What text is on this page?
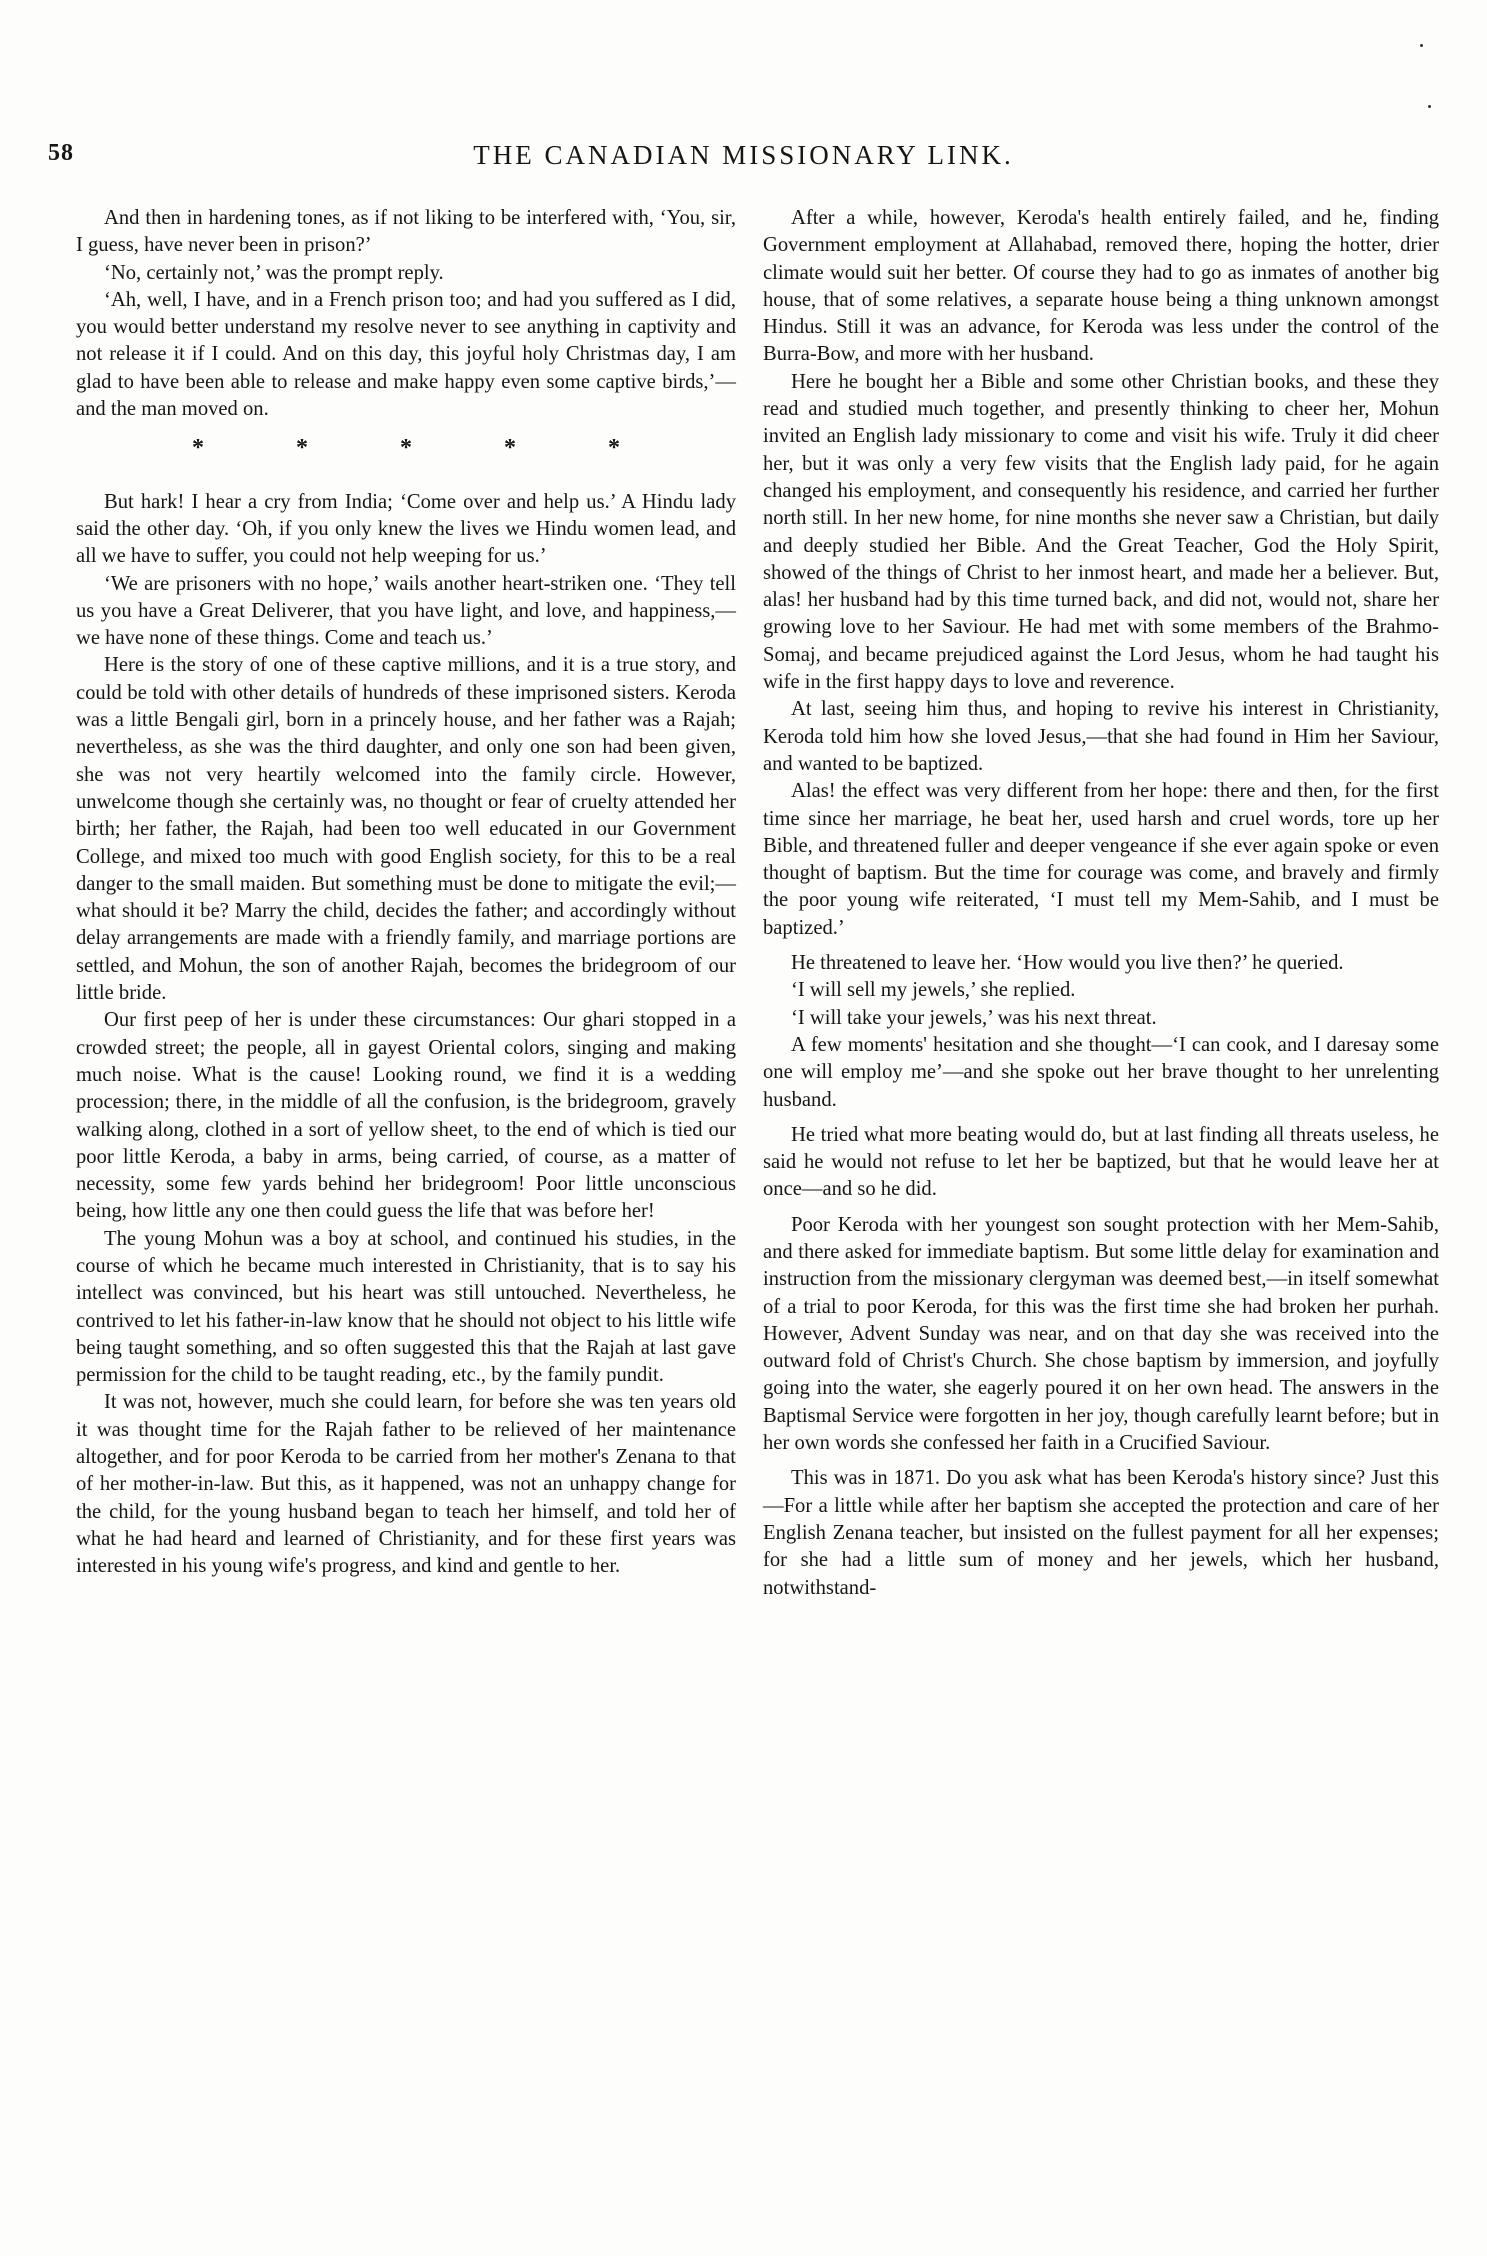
58	THE CANADIAN MISSIONARY LINK.

And then in hardening tones, as if not liking to be interfered with, ‘You, sir, I guess, have never been in prison?’

‘No, certainly not,’ was the prompt reply.

‘Ah, well, I have, and in a French prison too; and had you suffered as I did, you would better understand my resolve never to see anything in captivity and not release it if I could. And on this day, this joyful holy Christmas day, I am glad to have been able to release and make happy even some captive birds,’—and the man moved on.

*	*	*	*	*

But hark! I hear a cry from India; ‘Come over and help us.’ A Hindu lady said the other day. ‘Oh, if you only knew the lives we Hindu women lead, and all we have to suffer, you could not help weeping for us.’

‘We are prisoners with no hope,’ wails another heart-striken one. ‘They tell us you have a Great Deliverer, that you have light, and love, and happiness,—we have none of these things. Come and teach us.’

Here is the story of one of these captive millions, and it is a true story, and could be told with other details of hundreds of these imprisoned sisters. Keroda was a little Bengali girl, born in a princely house, and her father was a Rajah; nevertheless, as she was the third daughter, and only one son had been given, she was not very heartily welcomed into the family circle. However, unwelcome though she certainly was, no thought or fear of cruelty attended her birth; her father, the Rajah, had been too well educated in our Government College, and mixed too much with good English society, for this to be a real danger to the small maiden. But something must be done to mitigate the evil;—what should it be? Marry the child, decides the father; and accordingly without delay arrangements are made with a friendly family, and marriage portions are settled, and Mohun, the son of another Rajah, becomes the bridegroom of our little bride.

Our first peep of her is under these circumstances: Our ghari stopped in a crowded street; the people, all in gayest Oriental colors, singing and making much noise. What is the cause! Looking round, we find it is a wedding procession; there, in the middle of all the confusion, is the bridegroom, gravely walking along, clothed in a sort of yellow sheet, to the end of which is tied our poor little Keroda, a baby in arms, being carried, of course, as a matter of necessity, some few yards behind her bridegroom! Poor little unconscious being, how little any one then could guess the life that was before her!

The young Mohun was a boy at school, and continued his studies, in the course of which he became much interested in Christianity, that is to say his intellect was convinced, but his heart was still untouched. Nevertheless, he contrived to let his father-in-law know that he should not object to his little wife being taught something, and so often suggested this that the Rajah at last gave permission for the child to be taught reading, etc., by the family pundit.

It was not, however, much she could learn, for before she was ten years old it was thought time for the Rajah father to be relieved of her maintenance altogether, and for poor Keroda to be carried from her mother's Zenana to that of her mother-in-law. But this, as it happened, was not an unhappy change for the child, for the young husband began to teach her himself, and told her of what he had heard and learned of Christianity, and for these first years was interested in his young wife's progress, and kind and gentle to her.

After a while, however, Keroda's health entirely failed, and he, finding Government employment at Allahabad, removed there, hoping the hotter, drier climate would suit her better. Of course they had to go as inmates of another big house, that of some relatives, a separate house being a thing unknown amongst Hindus. Still it was an advance, for Keroda was less under the control of the Burra-Bow, and more with her husband.

Here he bought her a Bible and some other Christian books, and these they read and studied much together, and presently thinking to cheer her, Mohun invited an English lady missionary to come and visit his wife. Truly it did cheer her, but it was only a very few visits that the English lady paid, for he again changed his employment, and consequently his residence, and carried her further north still. In her new home, for nine months she never saw a Christian, but daily and deeply studied her Bible. And the Great Teacher, God the Holy Spirit, showed of the things of Christ to her inmost heart, and made her a believer. But, alas! her husband had by this time turned back, and did not, would not, share her growing love to her Saviour. He had met with some members of the Brahmo-Somaj, and became prejudiced against the Lord Jesus, whom he had taught his wife in the first happy days to love and reverence.

At last, seeing him thus, and hoping to revive his interest in Christianity, Keroda told him how she loved Jesus,—that she had found in Him her Saviour, and wanted to be baptized.

Alas! the effect was very different from her hope: there and then, for the first time since her marriage, he beat her, used harsh and cruel words, tore up her Bible, and threatened fuller and deeper vengeance if she ever again spoke or even thought of baptism. But the time for courage was come, and bravely and firmly the poor young wife reiterated, ‘I must tell my Mem-Sahib, and I must be baptized.’

He threatened to leave her. ‘How would you live then?’ he queried.

‘I will sell my jewels,’ she replied.

‘I will take your jewels,’ was his next threat.

A few moments' hesitation and she thought—‘I can cook, and I daresay some one will employ me’—and she spoke out her brave thought to her unrelenting husband.

He tried what more beating would do, but at last finding all threats useless, he said he would not refuse to let her be baptized, but that he would leave her at once—and so he did.

Poor Keroda with her youngest son sought protection with her Mem-Sahib, and there asked for immediate baptism. But some little delay for examination and instruction from the missionary clergyman was deemed best,—in itself somewhat of a trial to poor Keroda, for this was the first time she had broken her purhah. However, Advent Sunday was near, and on that day she was received into the outward fold of Christ's Church. She chose baptism by immersion, and joyfully going into the water, she eagerly poured it on her own head. The answers in the Baptismal Service were forgotten in her joy, though carefully learnt before; but in her own words she confessed her faith in a Crucified Saviour.

This was in 1871. Do you ask what has been Keroda's history since? Just this—For a little while after her baptism she accepted the protection and care of her English Zenana teacher, but insisted on the fullest payment for all her expenses; for she had a little sum of money and her jewels, which her husband, notwithstand-
